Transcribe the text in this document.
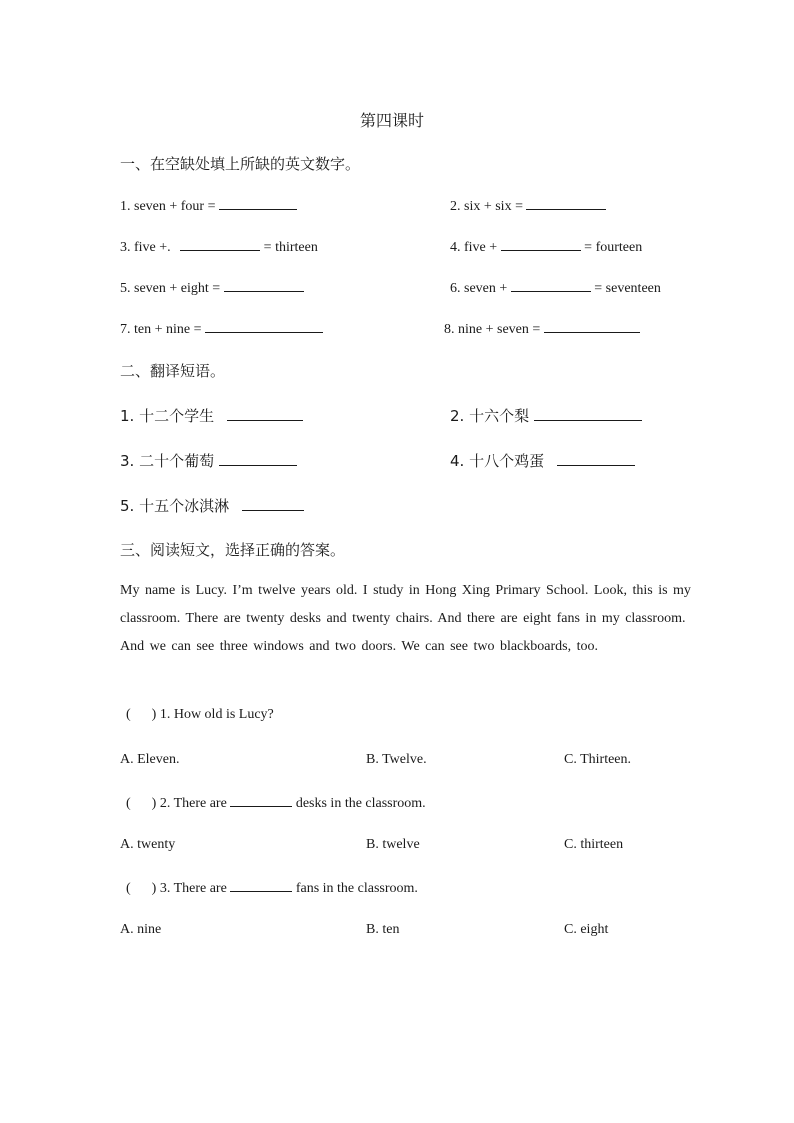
第四课时
一、在空缺处填上所缺的英文数字。
1. seven + four =	2. six + six =
3. five +.	= thirteen	4. five +	= fourteen
5. seven + eight =	6. seven +	= seventeen
7. ten + nine =	8. nine + seven =
二、翻译短语。
1. 十二个学生	2. 十六个梨
3. 二十个葡萄	4. 十八个鸡蛋
5. 十五个冰淇淋
三、阅读短文，选择正确的答案。
My name is Lucy. I’m twelve years old. I study in Hong Xing Primary School. Look, this is my classroom. There are twenty desks and twenty chairs. And there are eight fans in my classroom. And we can see three windows and two doors. We can see two blackboards, too.
(      ) 1. How old is Lucy?
A. Eleven.	B. Twelve.	C. Thirteen.
(      ) 2. There are	desks in the classroom.
A. twenty	B. twelve	C. thirteen
(      ) 3. There are	fans in the classroom.
A. nine	B. ten	C. eight
